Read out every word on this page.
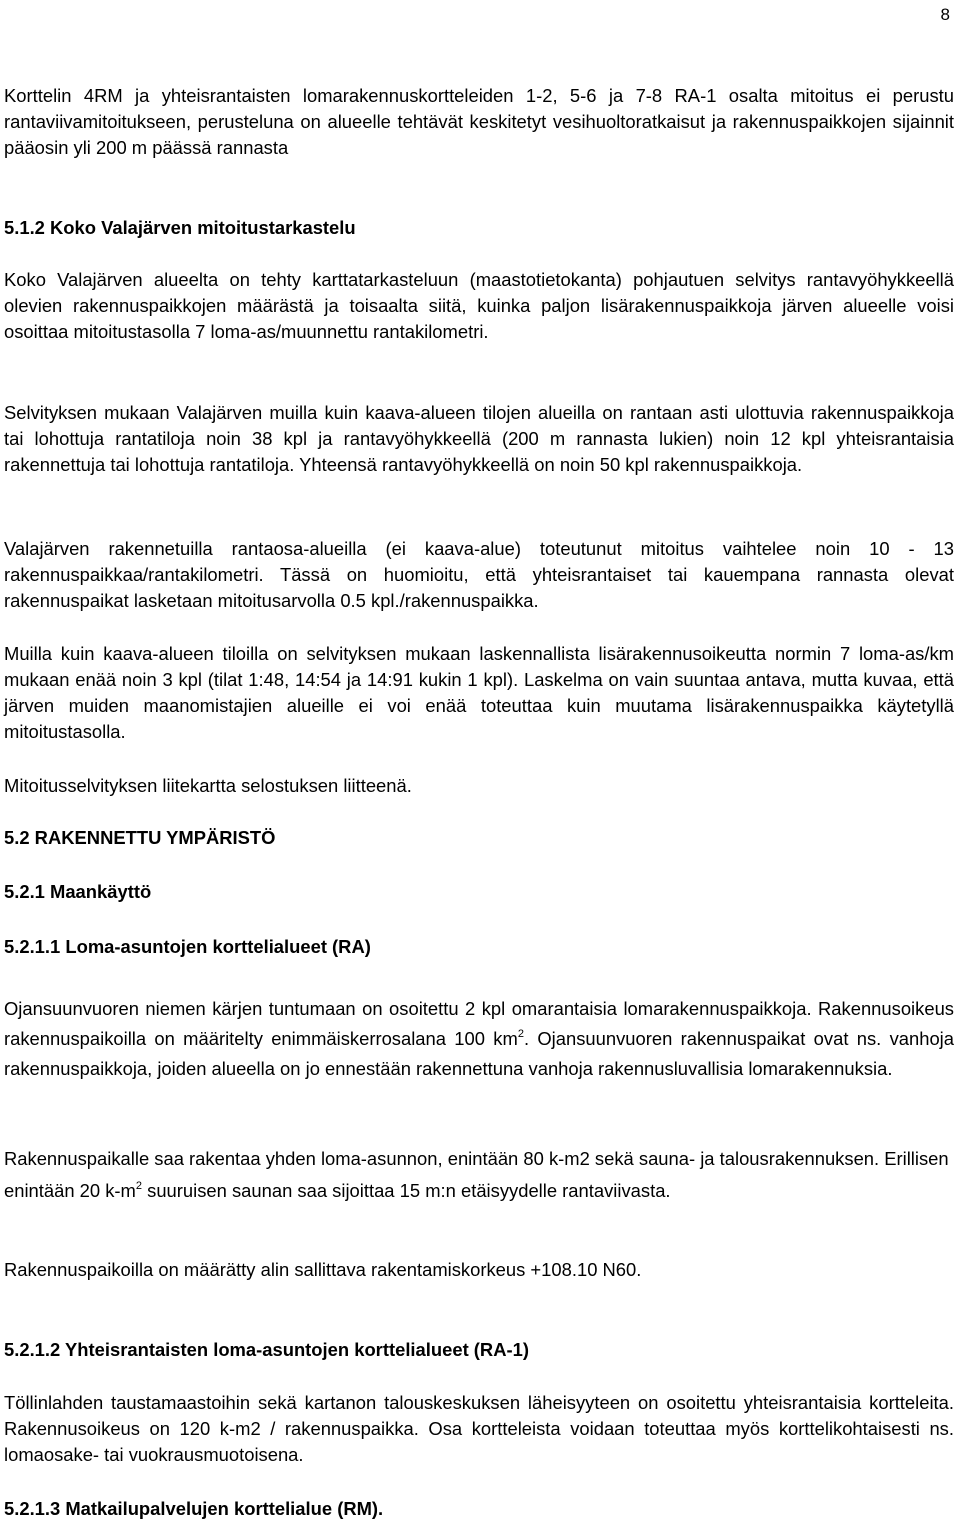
8

Korttelin 4RM ja yhteisrantaisten lomarakennuskortteleiden 1-2, 5-6 ja 7-8 RA-1 osalta mitoitus ei perustu rantaviivamitoitukseen, perusteluna on alueelle tehtävät keskitetyt vesihuoltoratkaisut ja rakennuspaikkojen sijainnit pääosin yli 200 m päässä rannasta

5.1.2 Koko Valajärven mitoitustarkastelu

Koko Valajärven alueelta on tehty karttatarkasteluun (maastotietokanta) pohjautuen selvitys rantavyöhykkeellä olevien rakennuspaikkojen määrästä ja toisaalta siitä, kuinka paljon lisärakennuspaikkoja järven alueelle voisi osoittaa mitoitustasolla 7 loma-as/muunnettu rantakilometri.

Selvityksen mukaan Valajärven muilla kuin kaava-alueen tilojen alueilla on rantaan asti ulottuvia rakennuspaikkoja tai lohottuja rantatiloja noin 38 kpl ja rantavyöhykkeellä (200 m rannasta lukien) noin 12 kpl yhteisrantaisia rakennettuja tai lohottuja rantatiloja. Yhteensä rantavyöhykkeellä on noin 50 kpl rakennuspaikkoja.

Valajärven rakennetuilla rantaosa-alueilla (ei kaava-alue) toteutunut mitoitus vaihtelee noin 10 - 13 rakennuspaikkaa/rantakilometri. Tässä on huomioitu, että yhteisrantaiset tai kauempana rannasta olevat rakennuspaikat lasketaan mitoitusarvolla 0.5 kpl./rakennuspaikka.

Muilla kuin kaava-alueen tiloilla on selvityksen mukaan laskennallista lisärakennusoikeutta normin 7 loma-as/km mukaan enää noin 3 kpl (tilat 1:48, 14:54 ja 14:91 kukin 1 kpl). Laskelma on vain suuntaa antava, mutta kuvaa, että järven muiden maanomistajien alueille ei voi enää toteuttaa kuin muutama lisärakennuspaikka käytetyllä mitoitustasolla.

Mitoitusselvityksen liitekartta selostuksen liitteenä.

5.2 RAKENNETTU YMPÄRISTÖ
5.2.1 Maankäyttö
5.2.1.1 Loma-asuntojen korttelialueet (RA)

Ojansuunvuoren niemen kärjen tuntumaan on osoitettu 2 kpl omarantaisia lomarakennuspaikkoja. Rakennusoikeus rakennuspaikoilla on määritelty enimmäiskerrosalana 100 $km^2$. Ojansuunvuoren rakennuspaikat ovat ns. vanhoja rakennuspaikkoja, joiden alueella on jo ennestään rakennettuna vanhoja rakennusluvallisia lomarakennuksia.

Rakennuspaikalle saa rakentaa yhden loma-asunnon, enintään 80 k-m2 sekä sauna- ja talousrakennuksen. Erillisen enintään 20 $k-m^2$ suuruisen saunan saa sijoittaa 15 m:n etäisyydelle rantaviivasta.

Rakennuspaikoilla on määrätty alin sallittava rakentamiskorkeus +108.10 N60.

5.2.1.2 Yhteisrantaisten loma-asuntojen korttelialueet (RA-1)

Töllinlahden taustamaastoihin sekä kartanon talouskeskuksen läheisyyteen on osoitettu yhteisrantaisia kortteleita. Rakennusoikeus on 120 k-m2 / rakennuspaikka. Osa kortteleista voidaan toteuttaa myös korttelikohtaisesti ns. lomaosake- tai vuokrausmuotoisena.

5.2.1.3 Matkailupalvelujen korttelialue (RM).
